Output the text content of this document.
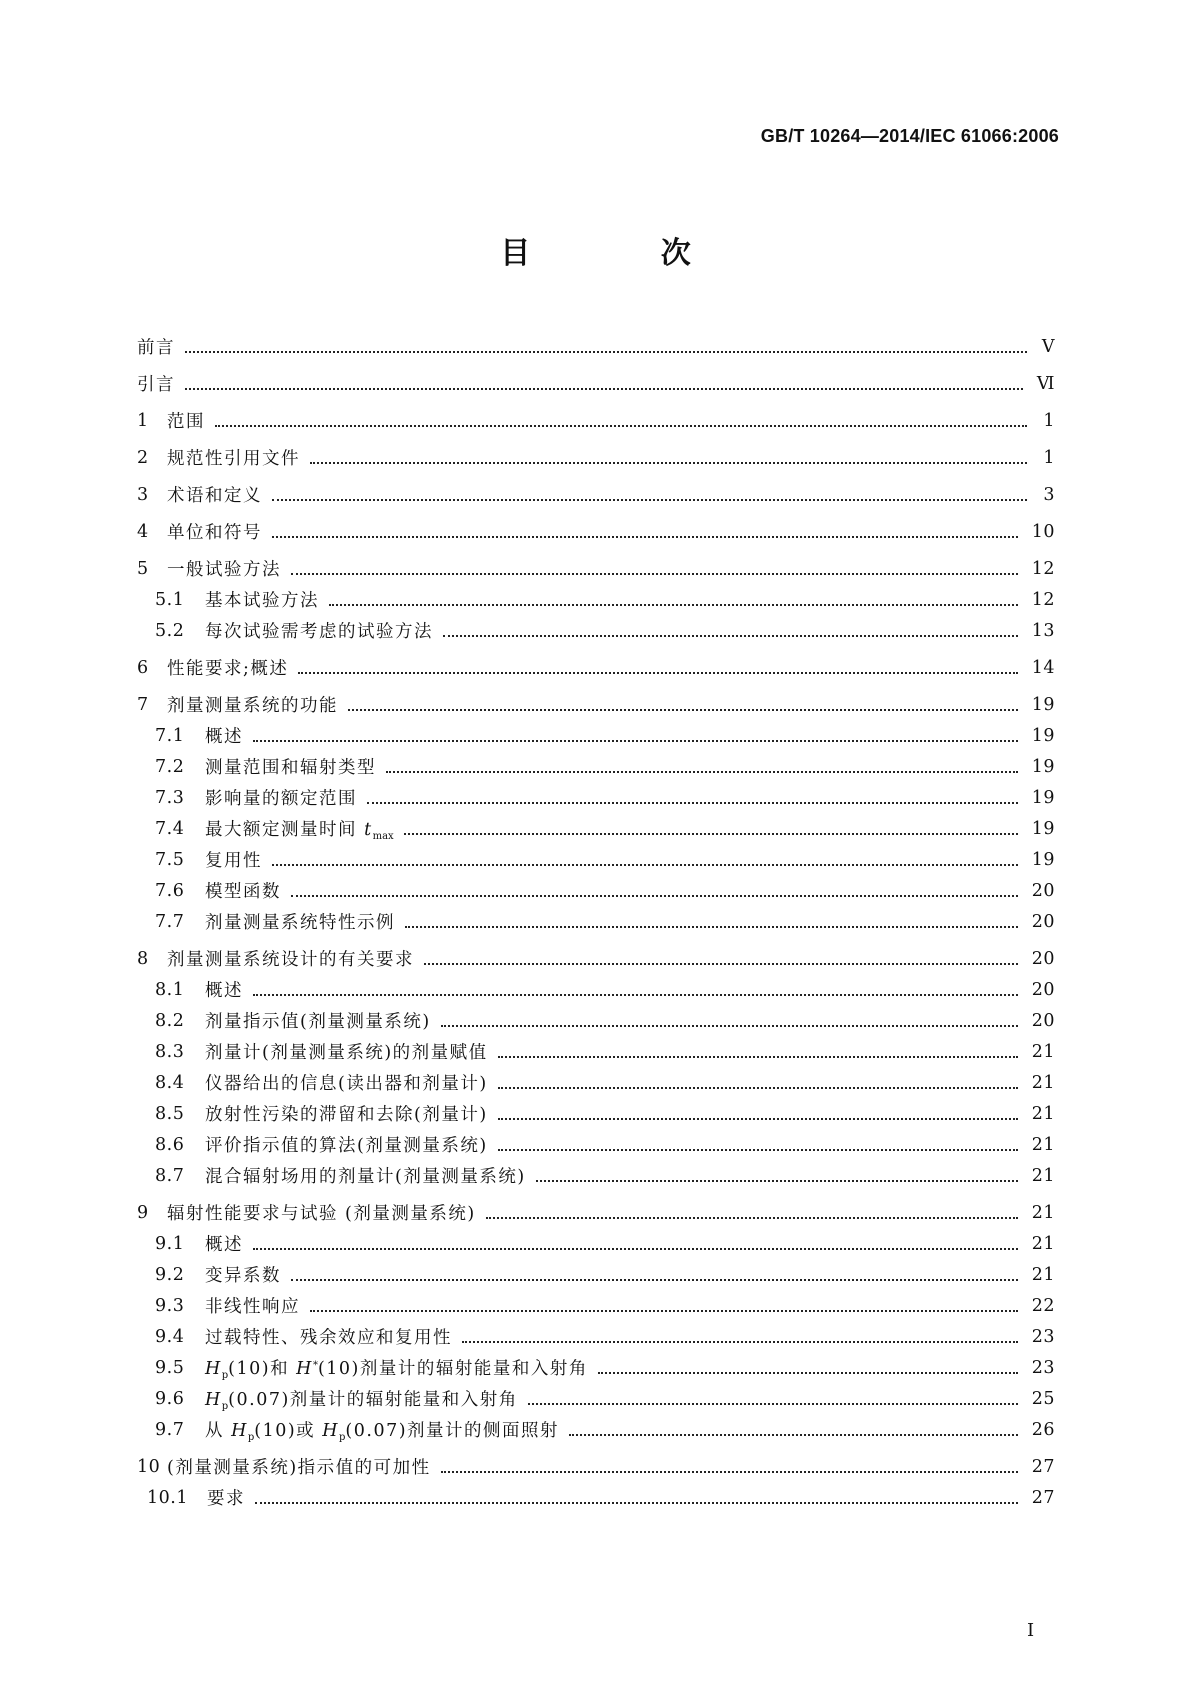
GB/T 10264—2014/IEC 61066:2006
目 次
前言	Ⅴ
引言	Ⅵ
1	范围	1
2	规范性引用文件	1
3	术语和定义	3
4	单位和符号	10
5	一般试验方法	12
5.1	基本试验方法	12
5.2	每次试验需考虑的试验方法	13
6	性能要求;概述	14
7	剂量测量系统的功能	19
7.1	概述	19
7.2	测量范围和辐射类型	19
7.3	影响量的额定范围	19
7.4	最大额定测量时间 $t_{max}$	19
7.5	复用性	19
7.6	模型函数	20
7.7	剂量测量系统特性示例	20
8	剂量测量系统设计的有关要求	20
8.1	概述	20
8.2	剂量指示值(剂量测量系统)	20
8.3	剂量计(剂量测量系统)的剂量赋值	21
8.4	仪器给出的信息(读出器和剂量计)	21
8.5	放射性污染的滞留和去除(剂量计)	21
8.6	评价指示值的算法(剂量测量系统)	21
8.7	混合辐射场用的剂量计(剂量测量系统)	21
9	辐射性能要求与试验 (剂量测量系统)	21
9.1	概述	21
9.2	变异系数	21
9.3	非线性响应	22
9.4	过载特性、残余效应和复用性	23
9.5	$H_p(10)$和 $H_*(10)$剂量计的辐射能量和入射角	23
9.6	$H_p(0.07)$剂量计的辐射能量和入射角	25
9.7	从 $H_p(10)$或 $H_p(0.07)$剂量计的侧面照射	26
10 (剂量测量系统)指示值的可加性	27
10.1	要求	27
I
